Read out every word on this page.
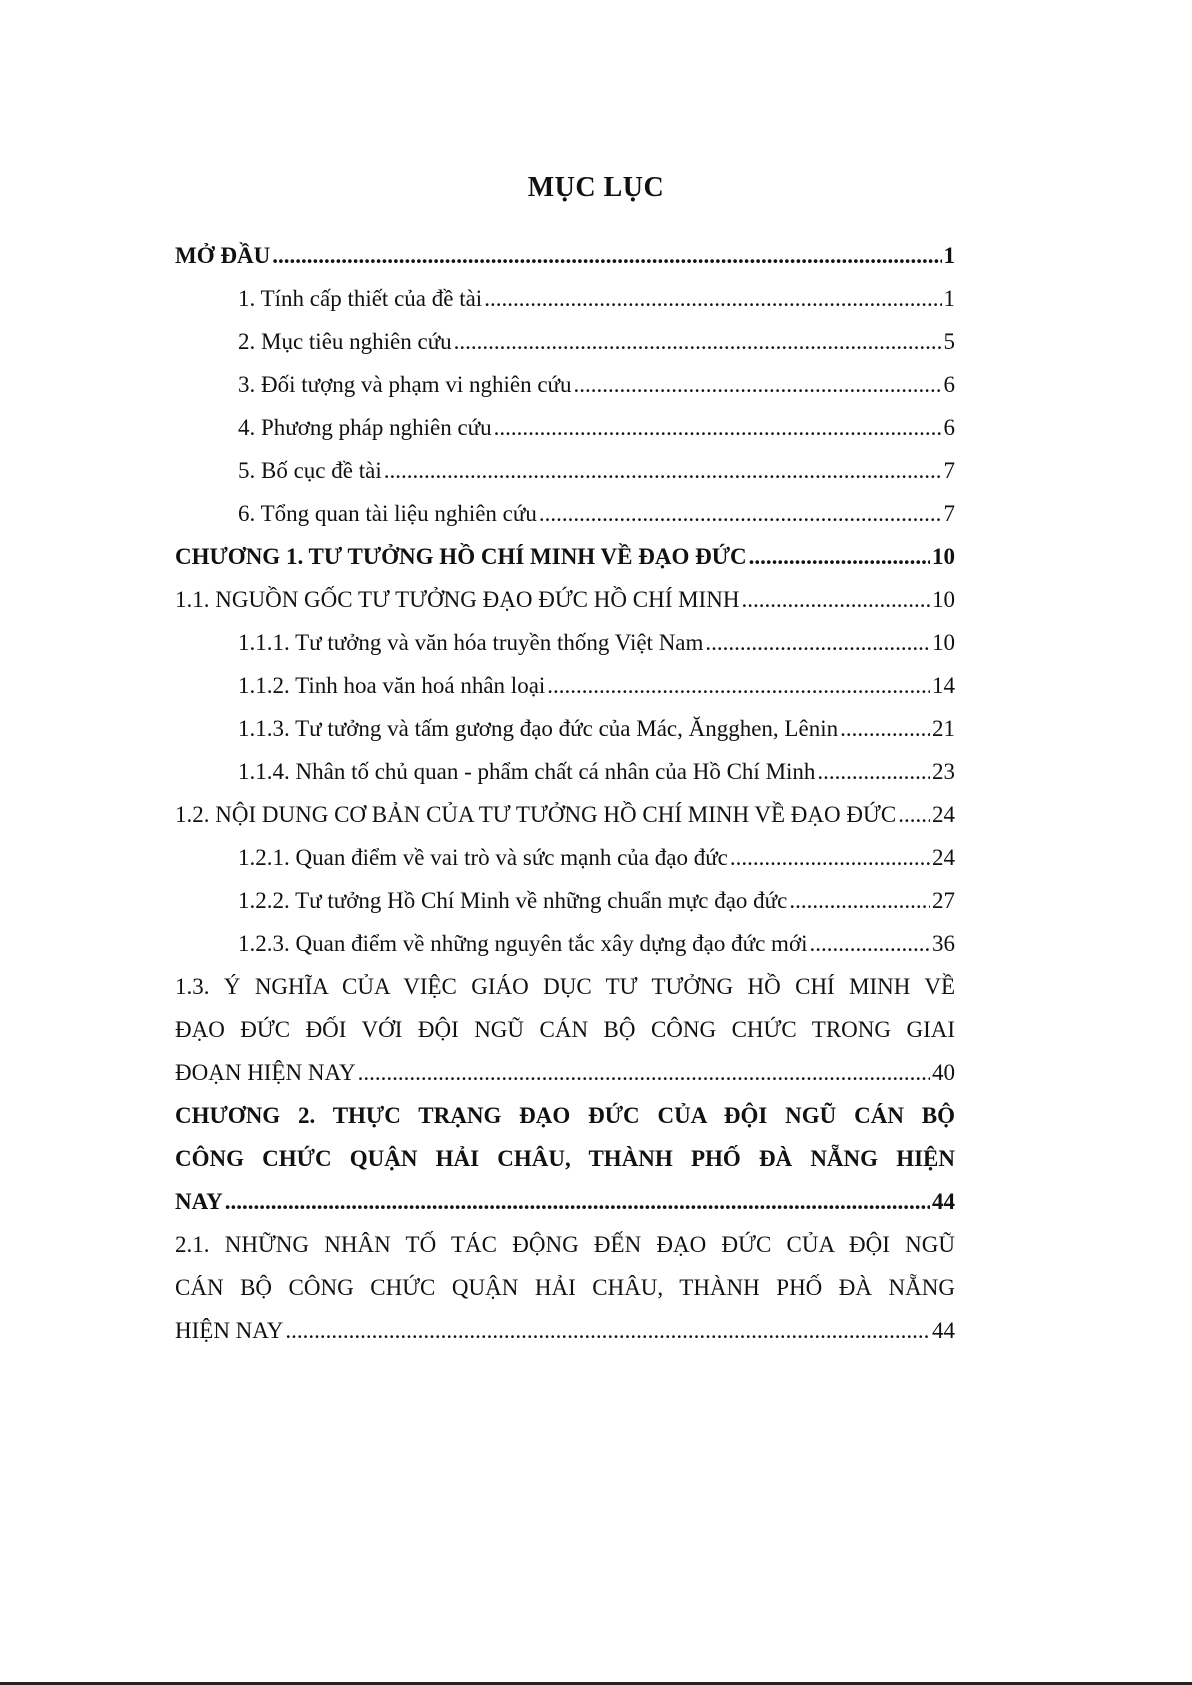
MỤC LỤC
MỞ ĐẦU .....	1
1. Tính cấp thiết của đề tài .....	1
2. Mục tiêu nghiên cứu .....	5
3. Đối tượng và phạm vi nghiên cứu .....	6
4. Phương pháp nghiên cứu .....	6
5. Bố cục đề tài .....	7
6. Tổng quan tài liệu nghiên cứu .....	7
CHƯƠNG 1. TƯ TƯỞNG HỒ CHÍ MINH VỀ ĐẠO ĐỨC .....	10
1.1. NGUỒN GỐC TƯ TƯỞNG ĐẠO ĐỨC HỒ CHÍ MINH .....	10
1.1.1. Tư tưởng và văn hóa truyền thống Việt Nam .....	10
1.1.2. Tinh hoa văn hoá nhân loại .....	14
1.1.3. Tư tưởng và tấm gương đạo đức của Mác, Ăngghen, Lênin .....	21
1.1.4. Nhân tố chủ quan - phẩm chất cá nhân của Hồ Chí Minh .....	23
1.2. NỘI DUNG CƠ BẢN CỦA TƯ TƯỞNG HỒ CHÍ MINH VỀ ĐẠO ĐỨC ..... 24
1.2.1. Quan điểm về vai trò và sức mạnh của đạo đức .....	24
1.2.2. Tư tưởng Hồ Chí Minh về những chuẩn mực đạo đức .....	27
1.2.3. Quan điểm về những nguyên tắc xây dựng đạo đức mới .....	36
1.3. Ý NGHĨA CỦA VIỆC GIÁO DỤC TƯ TƯỞNG HỒ CHÍ MINH VỀ
ĐẠO ĐỨC ĐỐI VỚI ĐỘI NGŨ CÁN BỘ CÔNG CHỨC TRONG GIAI
ĐOẠN HIỆN NAY .....	40
CHƯƠNG 2. THỰC TRẠNG ĐẠO ĐỨC CỦA ĐỘI NGŨ CÁN BỘ
CÔNG CHỨC QUẬN HẢI CHÂU, THÀNH PHỐ ĐÀ NẴNG HIỆN
NAY .....	44
2.1. NHỮNG NHÂN TỐ TÁC ĐỘNG ĐẾN ĐẠO ĐỨC CỦA ĐỘI NGŨ
CÁN BỘ CÔNG CHỨC QUẬN HẢI CHÂU, THÀNH PHỐ ĐÀ NẴNG
HIỆN NAY .....	44
